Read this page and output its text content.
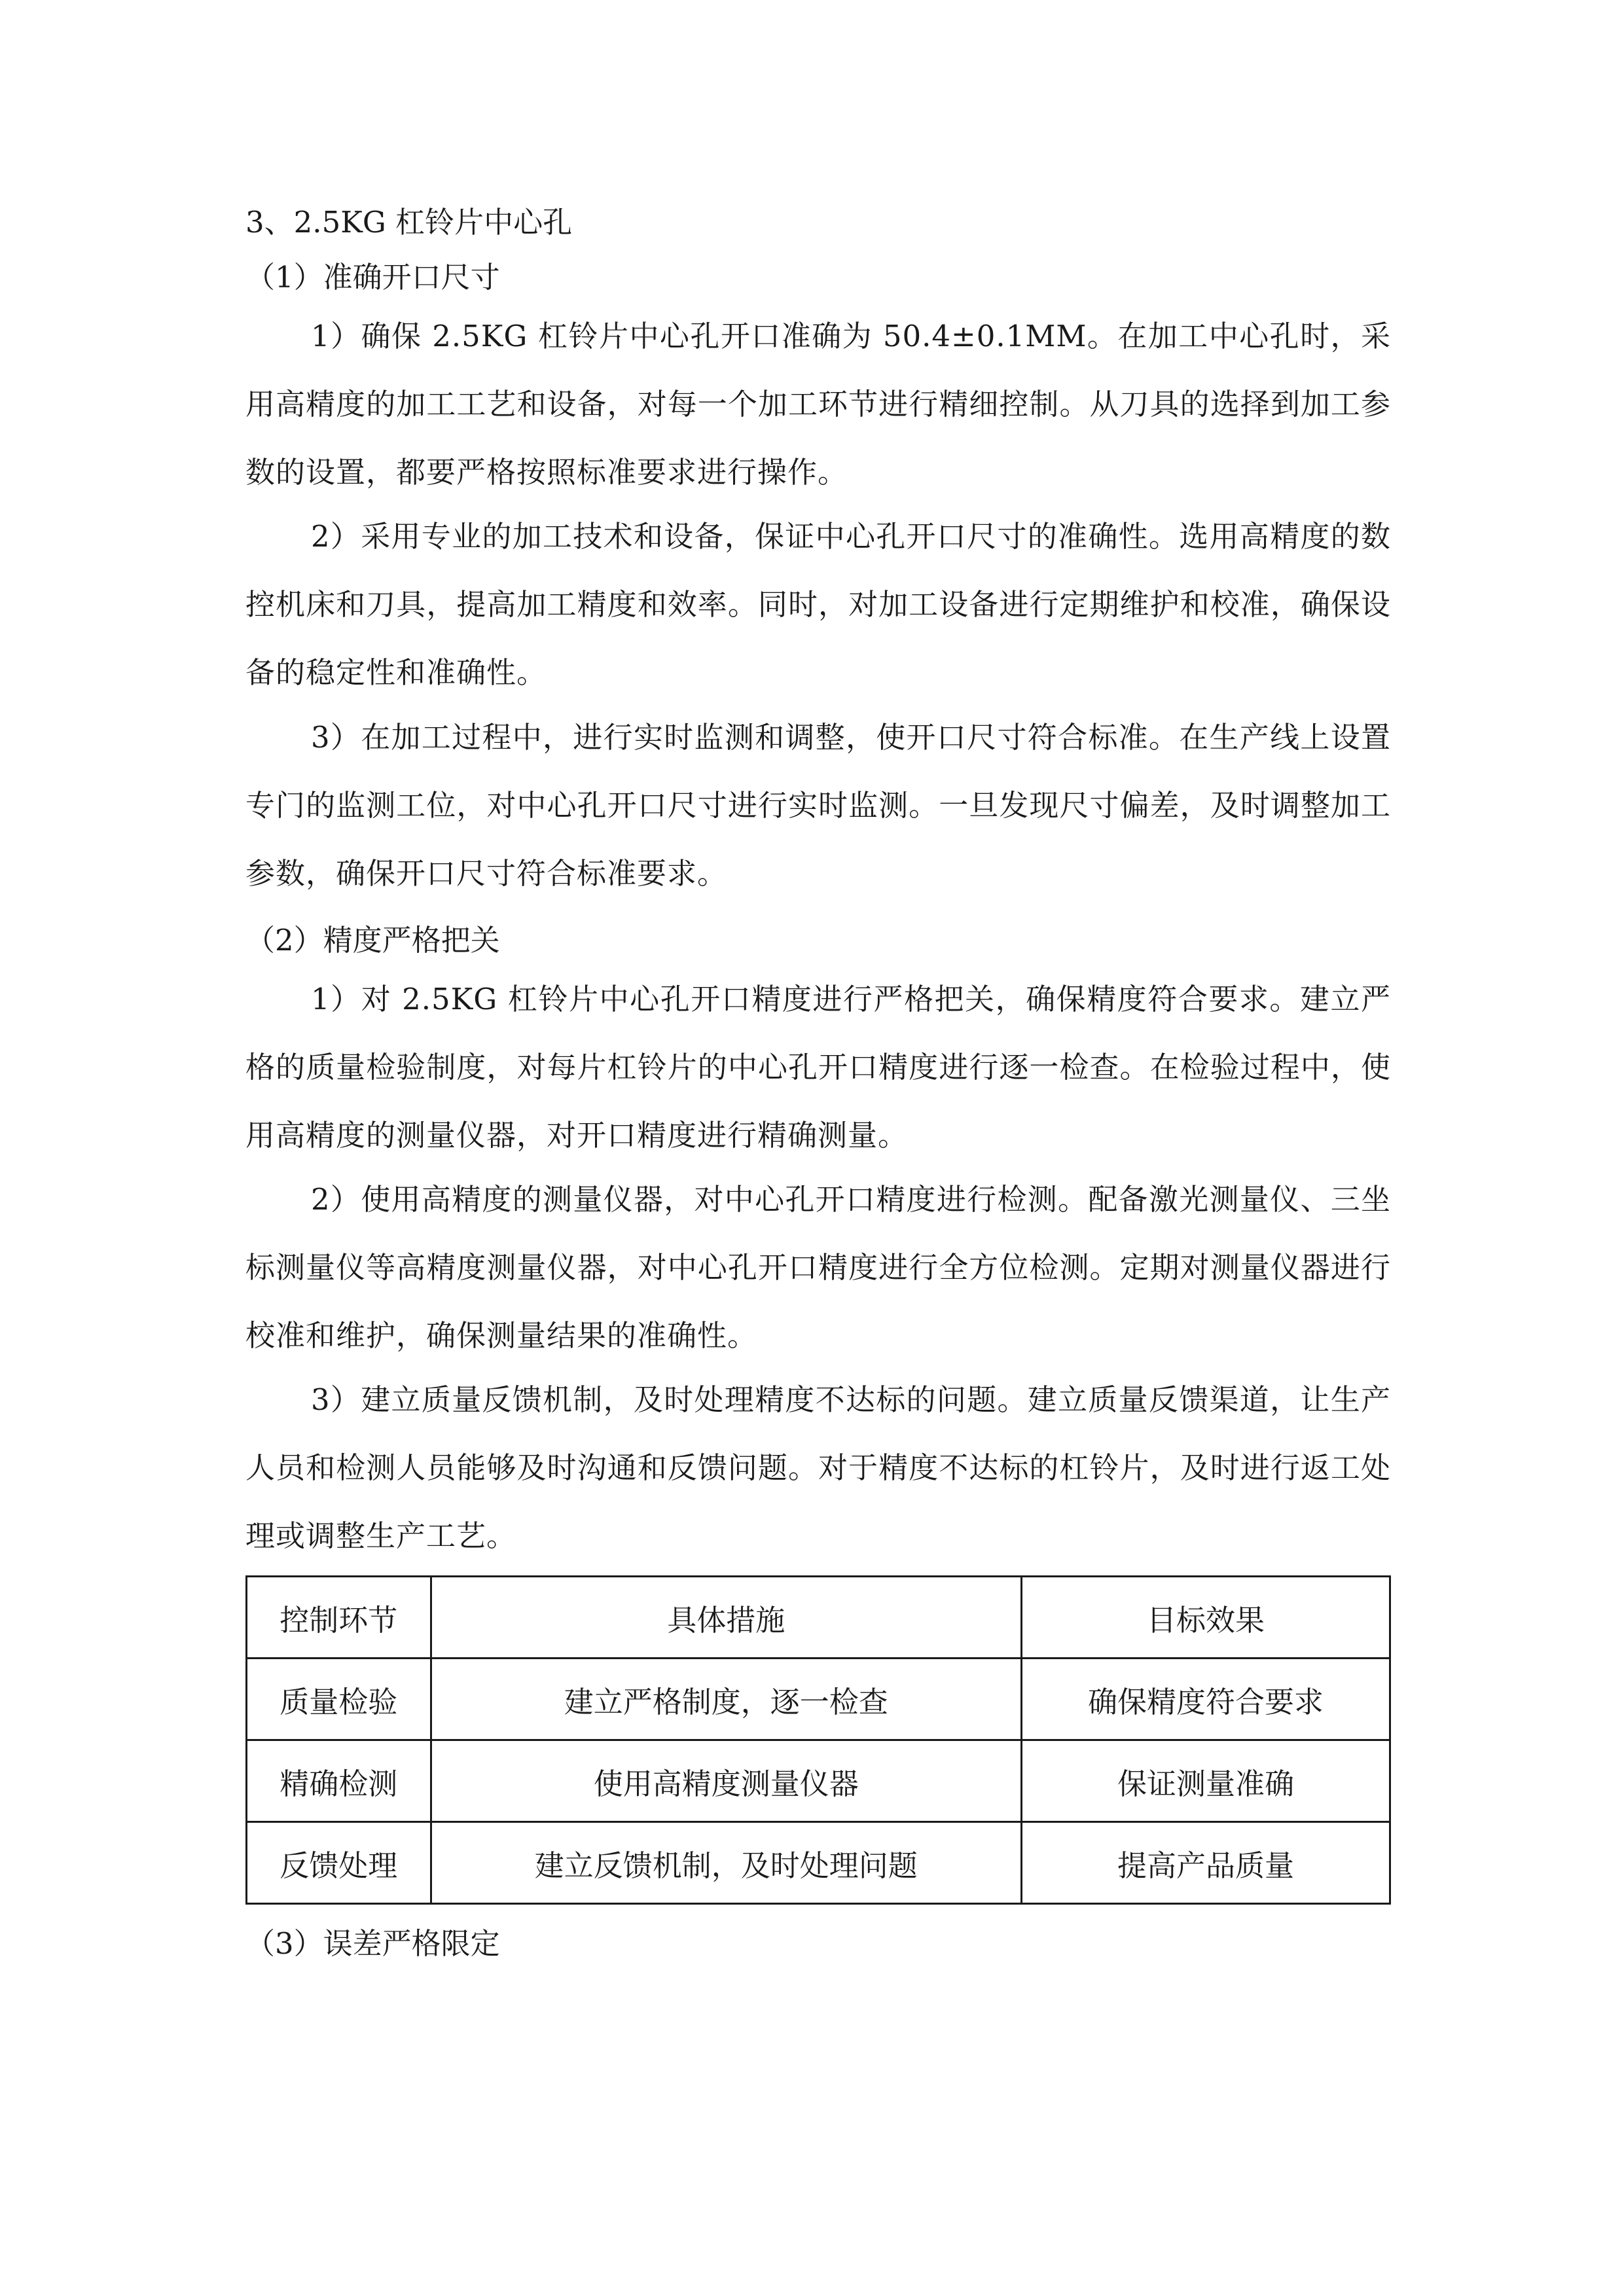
3、2.5KG 杠铃片中心孔
（1）准确开口尺寸

1）确保 2.5KG 杠铃片中心孔开口准确为 50.4±0.1MM。在加工中心孔时，采用高精度的加工工艺和设备，对每一个加工环节进行精细控制。从刀具的选择到加工参数的设置，都要严格按照标准要求进行操作。

2）采用专业的加工技术和设备，保证中心孔开口尺寸的准确性。选用高精度的数控机床和刀具，提高加工精度和效率。同时，对加工设备进行定期维护和校准，确保设备的稳定性和准确性。

3）在加工过程中，进行实时监测和调整，使开口尺寸符合标准。在生产线上设置专门的监测工位，对中心孔开口尺寸进行实时监测。一旦发现尺寸偏差，及时调整加工参数，确保开口尺寸符合标准要求。

（2）精度严格把关

1）对 2.5KG 杠铃片中心孔开口精度进行严格把关，确保精度符合要求。建立严格的质量检验制度，对每片杠铃片的中心孔开口精度进行逐一检查。在检验过程中，使用高精度的测量仪器，对开口精度进行精确测量。

2）使用高精度的测量仪器，对中心孔开口精度进行检测。配备激光测量仪、三坐标测量仪等高精度测量仪器，对中心孔开口精度进行全方位检测。定期对测量仪器进行校准和维护，确保测量结果的准确性。

3）建立质量反馈机制，及时处理精度不达标的问题。建立质量反馈渠道，让生产人员和检测人员能够及时沟通和反馈问题。对于精度不达标的杠铃片，及时进行返工处理或调整生产工艺。

控制环节	具体措施	目标效果
质量检验	建立严格制度，逐一检查	确保精度符合要求
精确检测	使用高精度测量仪器	保证测量准确
反馈处理	建立反馈机制，及时处理问题	提高产品质量
（3）误差严格限定
